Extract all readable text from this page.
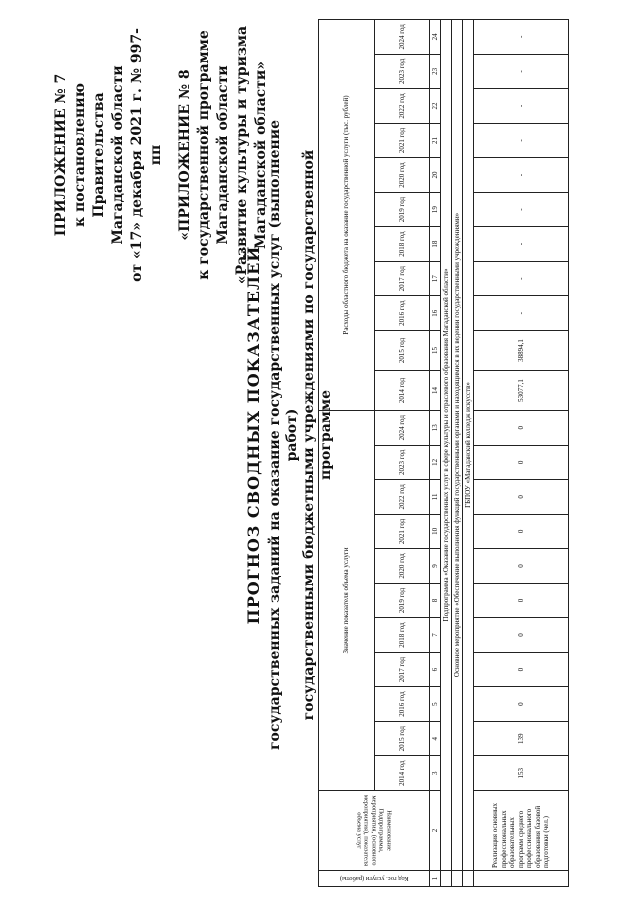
ПРИЛОЖЕНИЕ № 7 к постановлению Правительства Магаданской области от «17» декабря 2021 г. № 997-пп «ПРИЛОЖЕНИЕ № 8 к государственной программе Магаданской области «Развитие культуры и туризма Магаданской области»
ПРОГНОЗ СВОДНЫХ ПОКАЗАТЕЛЕЙ государственных заданий на оказание государственных услуг (выполнение работ) государственными бюджетными учреждениями по государственной программе
Код гос. услуги (работы)	Наименование Подпрограммы, мероприятия, (основного мероприятия), показателя объема услуг	Значение показателя объема услуги											Расходы областного бюджета на оказание государственной услуги (тыс. рублей)										
		2014 год	2015 год	2016 год	2017 год	2018 год	2019 год	2020 год	2021 год	2022 год	2023 год	2024 год	2014 год	2015 год	2016 год	2017 год	2018 год	2019 год	2020 год	2021 год	2022 год	2023 год	2024 год
1	2	3	4	5	6	7	8	9	10	11	12	13	14	15	16	17	18	19	20	21	22	23	24
	Подпрограмма «Оказание государственных услуг в сфере культуры и отраслевого образования Магаданской области»																						
	Основное мероприятие «Обеспечение выполнения функций государственными органами и находящимися в их ведении государственными учреждениями»																						
	ГБПОУ «Магаданский колледж искусств»																						
	Реализация основных профессиональных образовательных программ среднего профессионального образования базовой подготовки (чел.)	153	139	0	0	0	0	0	0	0	0	0	53077,1	38894,1	-	-	-	-	-	-	-	-	-
